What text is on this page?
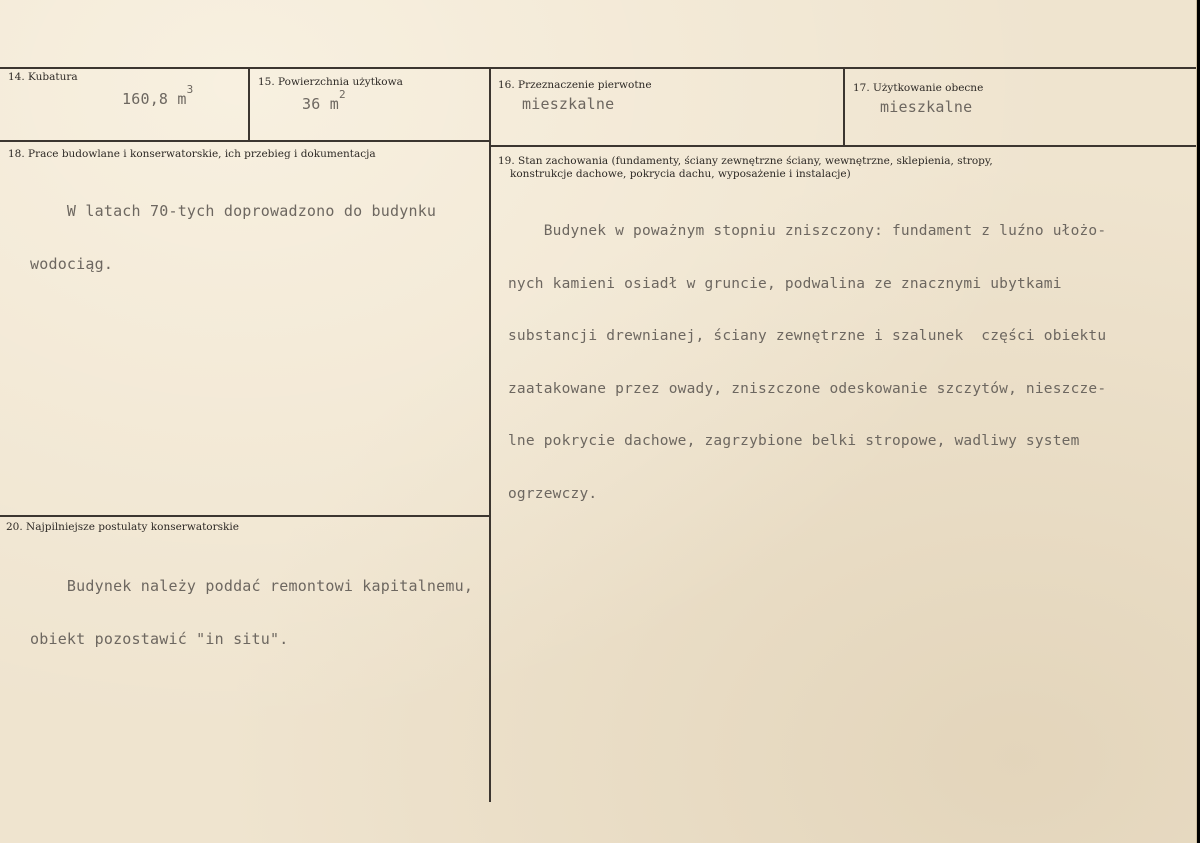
14. Kubatura
160,8 $m^3$
15. Powierzchnia użytkowa
36 $m^2$
16. Przeznaczenie pierwotne
mieszkalne
17. Użytkowanie obecne
mieszkalne
18. Prace budowlane i konserwatorskie, ich przebieg i dokumentacja

W latach 70-tych doprowadzono do budynku

wodociąg.

19. Stan zachowania (fundamenty, ściany zewnętrzne ściany, wewnętrzne, sklepienia, stropy,
konstrukcje dachowe, pokrycia dachu, wyposażenie i instalacje)

Budynek w poważnym stopniu zniszczony: fundament z luźno ułożo-

nych kamieni osiadł w gruncie, podwalina ze znacznymi ubytkami

substancji drewnianej, ściany zewnętrzne i szalunek  części obiektu

zaatakowane przez owady, zniszczone odeskowanie szczytów, nieszczе-

lne pokrycie dachowe, zagrzybione belki stropowe, wadliwy system

ogrzewczy.

20. Najpilniejsze postulaty konserwatorskie

Budynek należy poddać remontowi kapitalnemu,

obiekt pozostawić "in situ".
